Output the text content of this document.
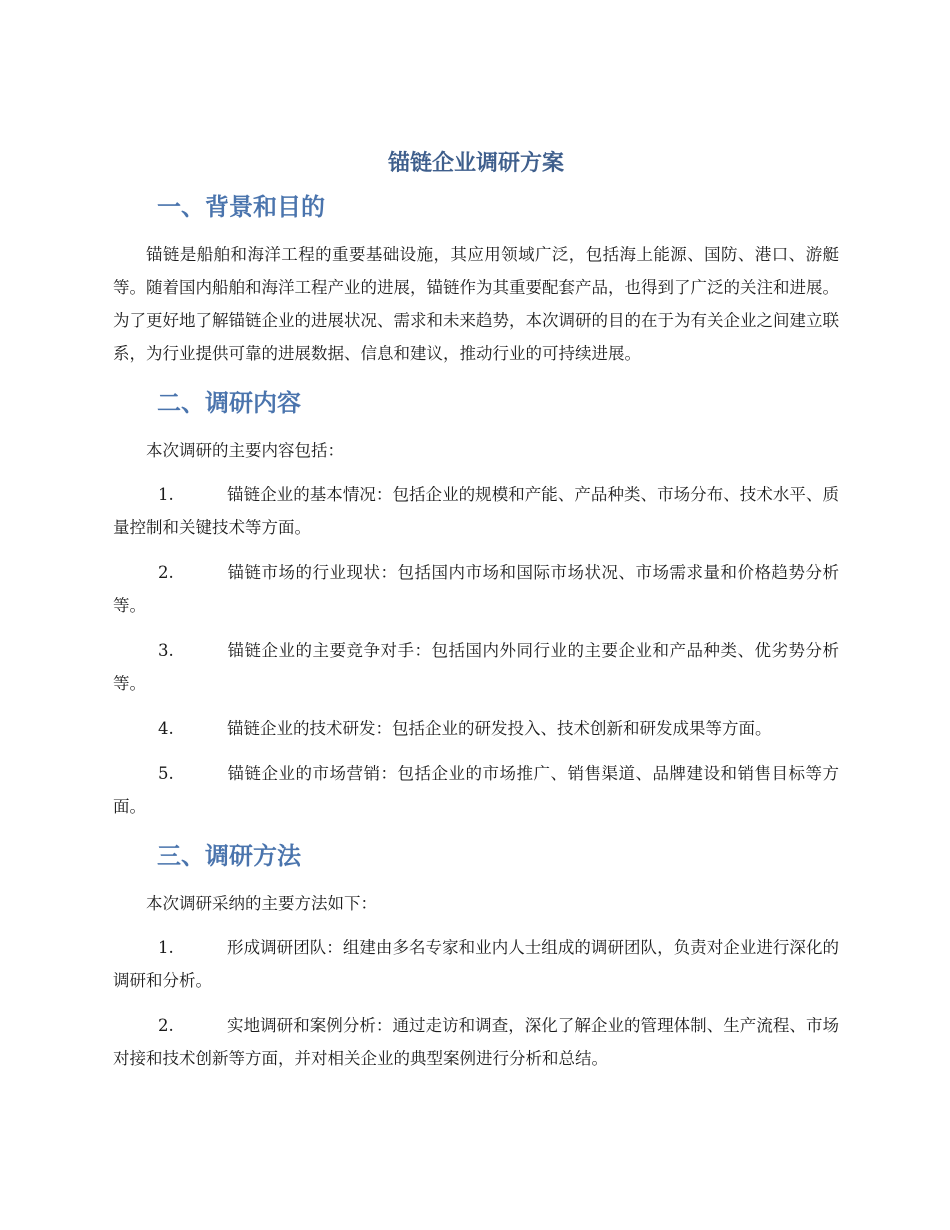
锚链企业调研方案
一、背景和目的

锚链是船舶和海洋工程的重要基础设施，其应用领域广泛，包括海上能源、国防、港口、游艇等。随着国内船舶和海洋工程产业的进展，锚链作为其重要配套产品，也得到了广泛的关注和进展。为了更好地了解锚链企业的进展状况、需求和未来趋势，本次调研的目的在于为有关企业之间建立联系，为行业提供可靠的进展数据、信息和建议，推动行业的可持续进展。

二、调研内容

本次调研的主要内容包括：

1.	锚链企业的基本情况：包括企业的规模和产能、产品种类、市场分布、技术水平、质量控制和关键技术等方面。

2.	锚链市场的行业现状：包括国内市场和国际市场状况、市场需求量和价格趋势分析等。

3.	锚链企业的主要竞争对手：包括国内外同行业的主要企业和产品种类、优劣势分析等。

4.	锚链企业的技术研发：包括企业的研发投入、技术创新和研发成果等方面。

5.	锚链企业的市场营销：包括企业的市场推广、销售渠道、品牌建设和销售目标等方面。

三、调研方法

本次调研采纳的主要方法如下：

1.	形成调研团队：组建由多名专家和业内人士组成的调研团队，负责对企业进行深化的调研和分析。

2.	实地调研和案例分析：通过走访和调查，深化了解企业的管理体制、生产流程、市场对接和技术创新等方面，并对相关企业的典型案例进行分析和总结。
